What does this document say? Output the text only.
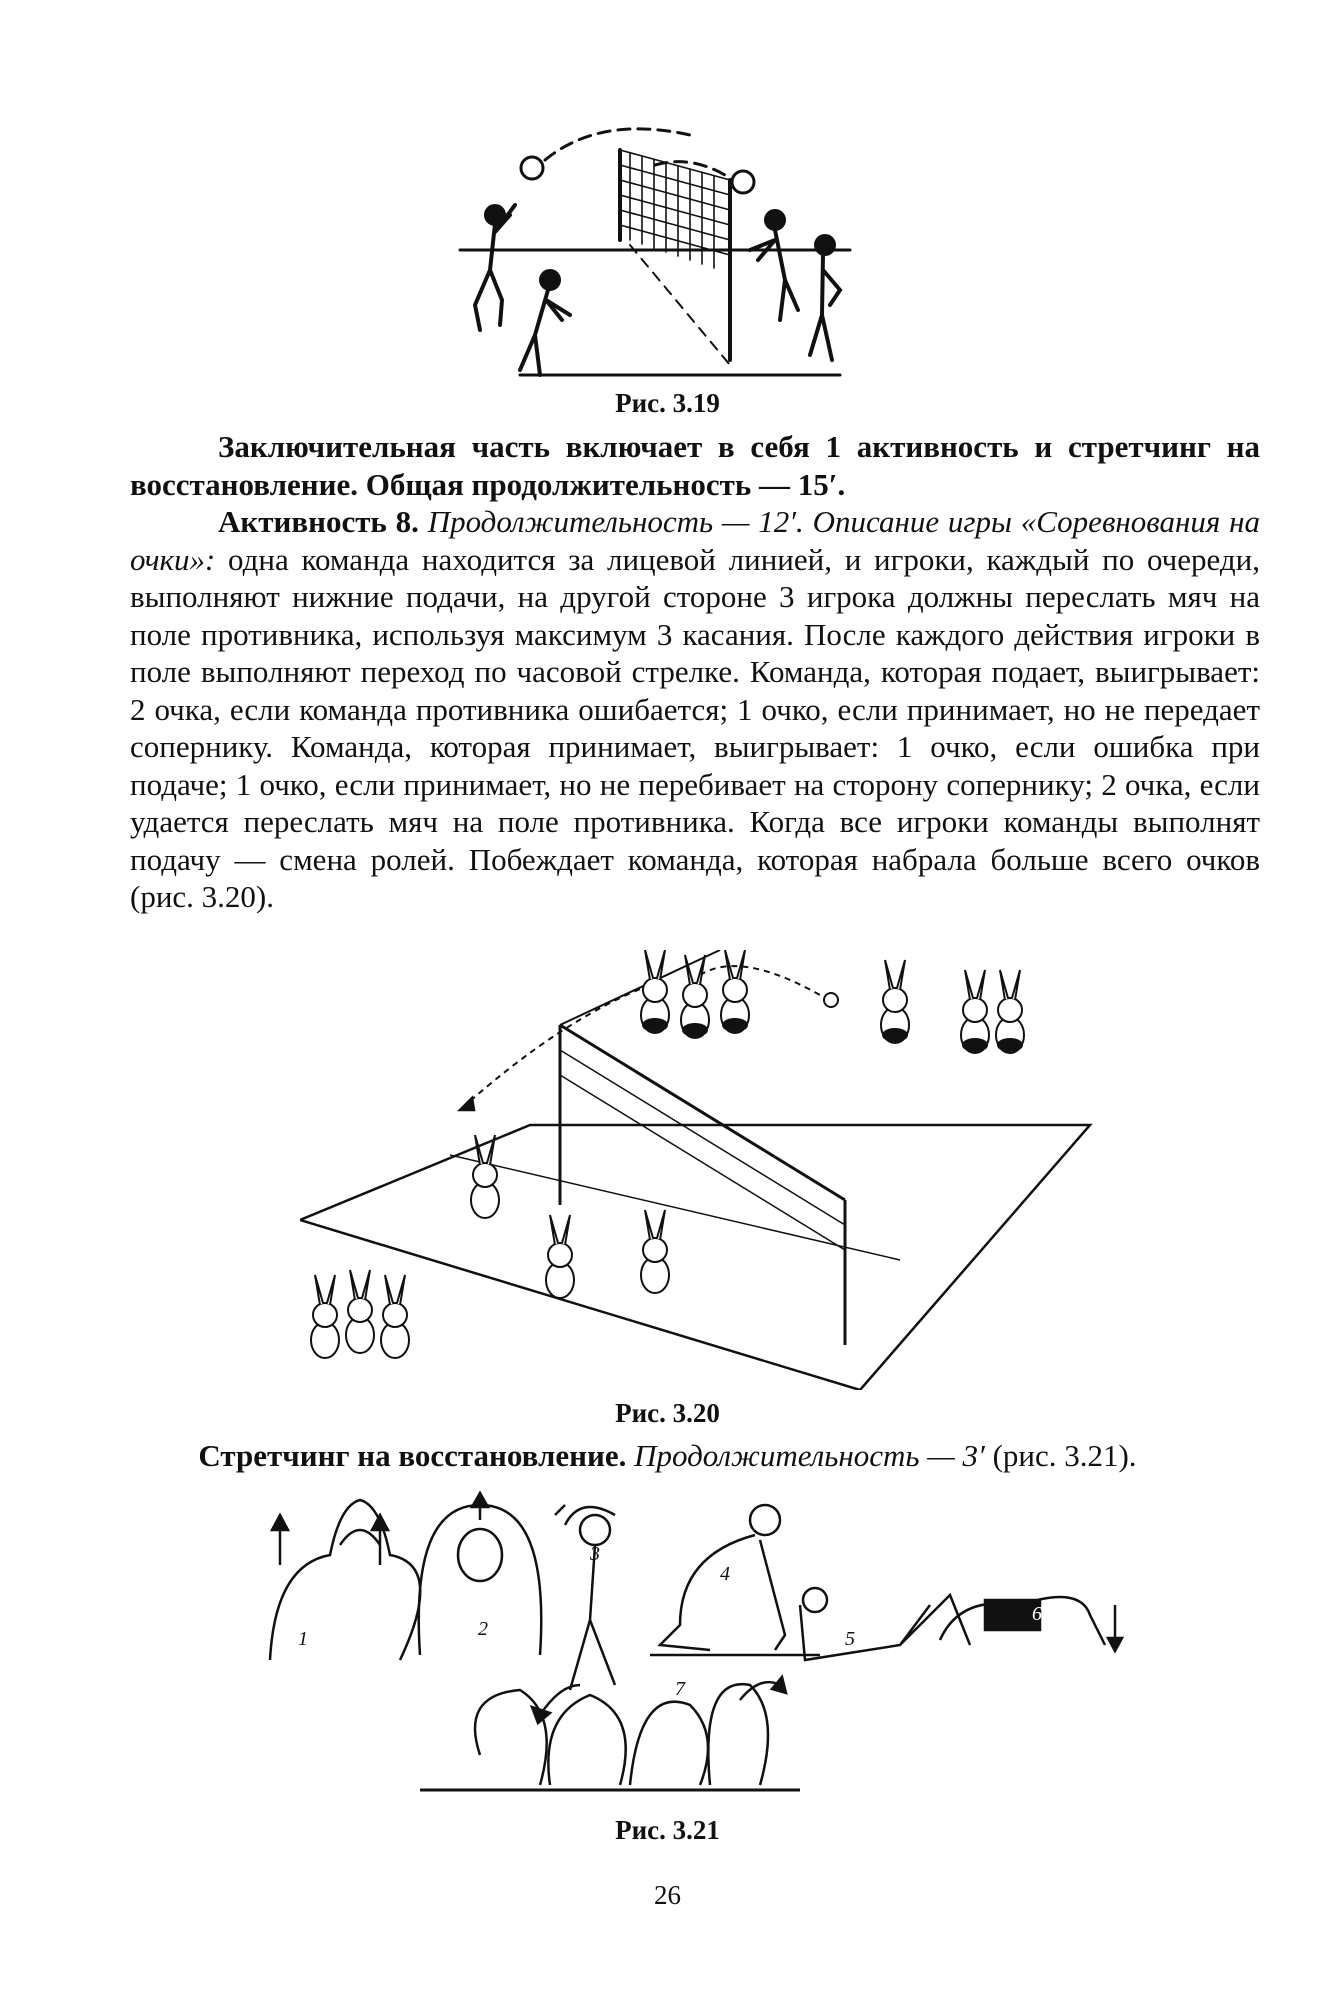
Рис. 3.19

Заключительная часть включает в себя 1 активность и стретчинг на восстановление. Общая продолжительность — 15′.

Активность 8. Продолжительность — 12′. Описание игры «Соревнования на очки»: одна команда находится за лицевой линией, и игроки, каждый по очереди, выполняют нижние подачи, на другой стороне 3 игрока должны переслать мяч на поле противника, используя максимум 3 касания. После каждого действия игроки в поле выполняют переход по часовой стрелке. Команда, которая подает, выигрывает: 2 очка, если команда противника ошибается; 1 очко, если принимает, но не передает сопернику. Команда, которая принимает, выигрывает: 1 очко, если ошибка при подаче; 1 очко, если принимает, но не перебивает на сторону сопернику; 2 очка, если удается переслать мяч на поле противника. Когда все игроки команды выполнят подачу — смена ролей. Побеждает команда, которая набрала больше всего очков (рис. 3.20).

Рис. 3.20
Стретчинг на восстановление. Продолжительность — 3′ (рис. 3.21).
1	2
3
4
5
6
7
Рис. 3.21
26
